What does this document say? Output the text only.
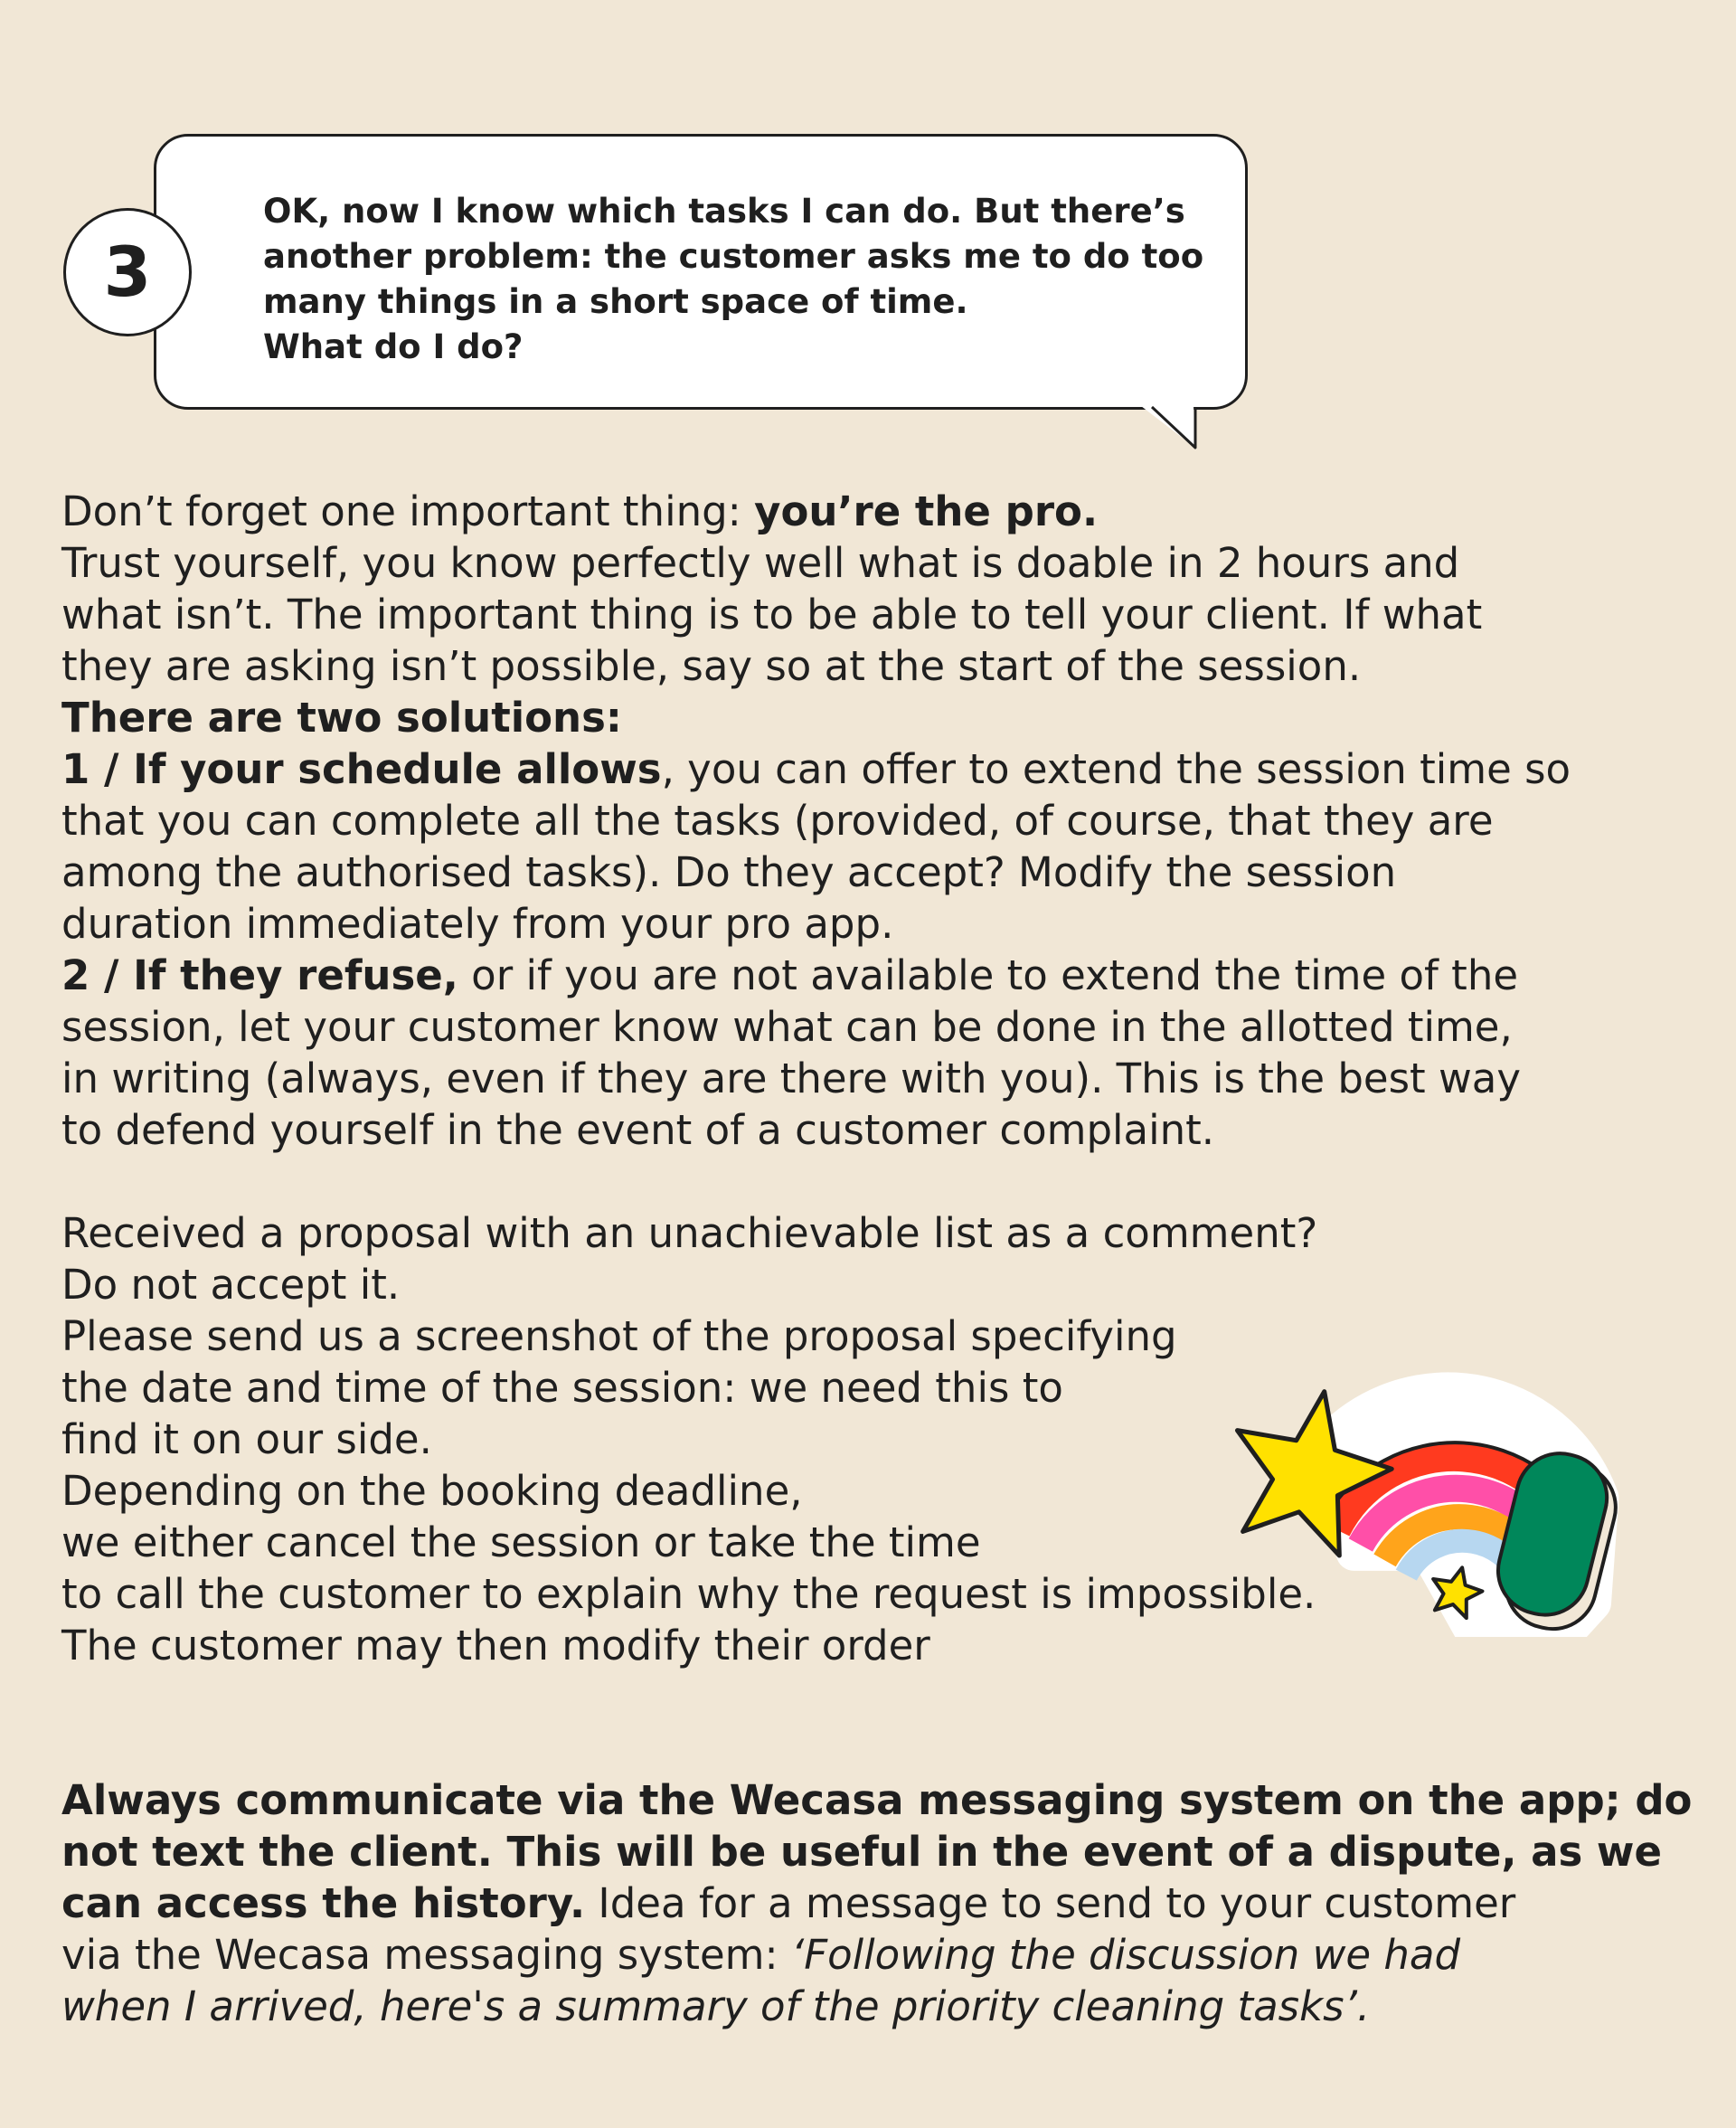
OK, now I know which tasks I can do. But there’s
another problem: the customer asks me to do too
many things in a short space of time.
What do I do?
3
Don’t forget one important thing: you’re the pro.
Trust yourself, you know perfectly well what is doable in 2 hours and
what isn’t. The important thing is to be able to tell your client. If what
they are asking isn’t possible, say so at the start of the session.
There are two solutions:
1 / If your schedule allows, you can offer to extend the session time so
that you can complete all the tasks (provided, of course, that they are
among the authorised tasks). Do they accept? Modify the session
duration immediately from your pro app.
2 / If they refuse, or if you are not available to extend the time of the
session, let your customer know what can be done in the allotted time,
in writing (always, even if they are there with you). This is the best way
to defend yourself in the event of a customer complaint.
Received a proposal with an unachievable list as a comment?
Do not accept it.
Please send us a screenshot of the proposal specifying
the date and time of the session: we need this to
find it on our side.
Depending on the booking deadline,
we either cancel the session or take the time
to call the customer to explain why the request is impossible.
The customer may then modify their order
Always communicate via the Wecasa messaging system on the app; do
not text the client. This will be useful in the event of a dispute, as we
can access the history. Idea for a message to send to your customer
via the Wecasa messaging system: ‘Following the discussion we had
when I arrived, here's a summary of the priority cleaning tasks’.
